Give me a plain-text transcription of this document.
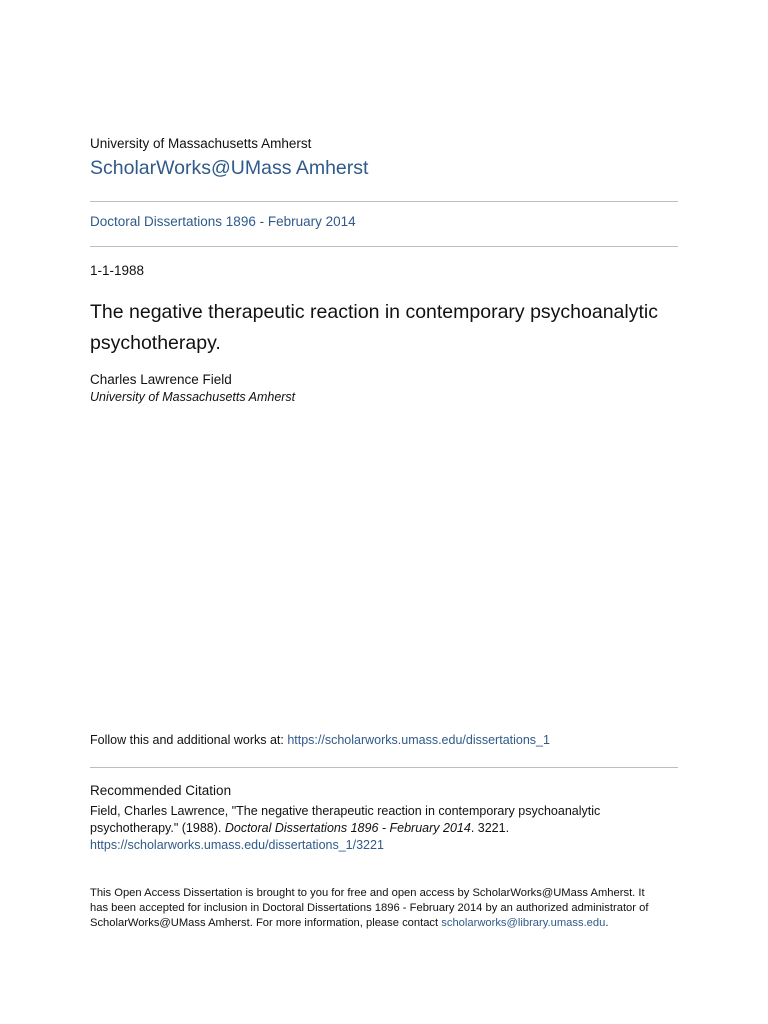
University of Massachusetts Amherst
ScholarWorks@UMass Amherst
Doctoral Dissertations 1896 - February 2014
1-1-1988
The negative therapeutic reaction in contemporary psychoanalytic
psychotherapy.
Charles Lawrence Field
University of Massachusetts Amherst
Follow this and additional works at: https://scholarworks.umass.edu/dissertations_1
Recommended Citation
Field, Charles Lawrence, "The negative therapeutic reaction in contemporary psychoanalytic
psychotherapy." (1988). Doctoral Dissertations 1896 - February 2014. 3221.
https://scholarworks.umass.edu/dissertations_1/3221
This Open Access Dissertation is brought to you for free and open access by ScholarWorks@UMass Amherst. It
has been accepted for inclusion in Doctoral Dissertations 1896 - February 2014 by an authorized administrator of
ScholarWorks@UMass Amherst. For more information, please contact scholarworks@library.umass.edu.
